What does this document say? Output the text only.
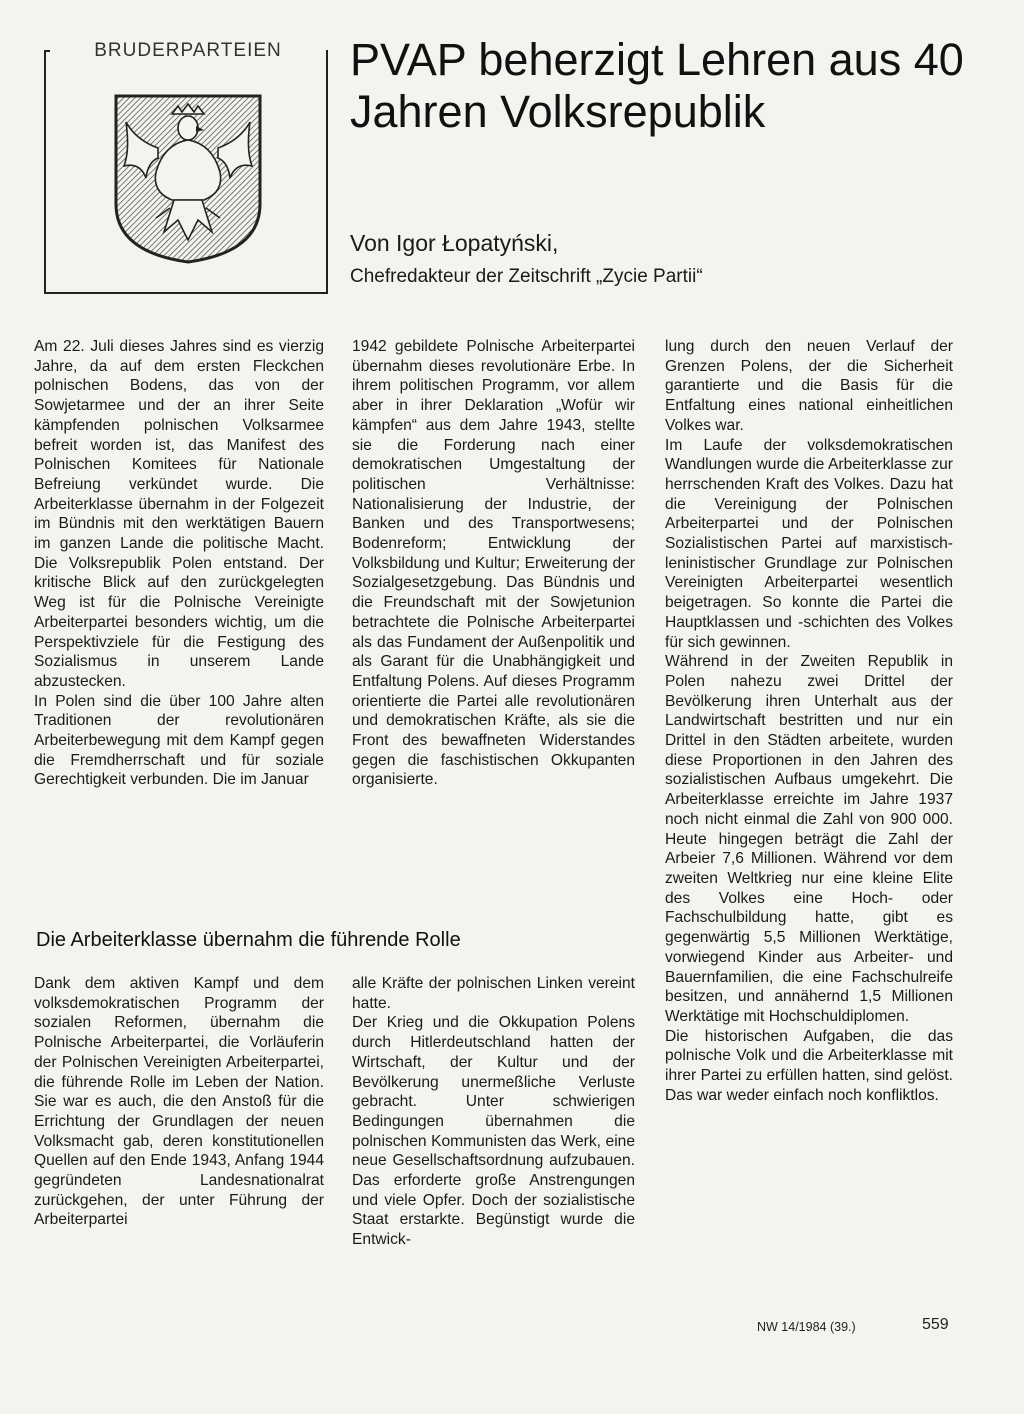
BRUDERPARTEIEN	PVAP beherzigt Lehren aus 40 Jahren Volksrepublik
Von Igor Łopatyński,
Chefredakteur der Zeitschrift „Zycie Partii“

Am 22. Juli dieses Jahres sind es vierzig Jahre, da auf dem ersten Fleckchen polnischen Bodens, das von der Sowjetarmee und der an ihrer Seite kämpfenden polnischen Volksarmee befreit worden ist, das Manifest des Polnischen Komitees für Nationale Befreiung verkündet wurde. Die Arbeiterklasse übernahm in der Folgezeit im Bündnis mit den werktätigen Bauern im ganzen Lande die politische Macht. Die Volksrepublik Polen entstand. Der kritische Blick auf den zurückgelegten Weg ist für die Polnische Vereinigte Arbeiterpartei besonders wichtig, um die Perspektivziele für die Festigung des Sozialismus in unserem Lande abzustecken.

In Polen sind die über 100 Jahre alten Traditionen der revolutionären Arbeiterbewegung mit dem Kampf gegen die Fremdherrschaft und für soziale Gerechtigkeit verbunden. Die im Januar

1942 gebildete Polnische Arbeiterpartei übernahm dieses revolutionäre Erbe. In ihrem politischen Programm, vor allem aber in ihrer Deklaration „Wofür wir kämpfen“ aus dem Jahre 1943, stellte sie die Forderung nach einer demokratischen Umgestaltung der politischen Verhältnisse: Nationalisierung der Industrie, der Banken und des Transportwesens; Bodenreform; Entwicklung der Volksbildung und Kultur; Erweiterung der Sozialgesetzgebung. Das Bündnis und die Freundschaft mit der Sowjetunion betrachtete die Polnische Arbeiterpartei als das Fundament der Außenpolitik und als Garant für die Unabhängigkeit und Entfaltung Polens. Auf dieses Programm orientierte die Partei alle revolutionären und demokratischen Kräfte, als sie die Front des bewaffneten Widerstandes gegen die faschistischen Okkupanten organisierte.

lung durch den neuen Verlauf der Grenzen Polens, der die Sicherheit garantierte und die Basis für die Entfaltung eines national einheitlichen Volkes war.

Im Laufe der volksdemokratischen Wandlungen wurde die Arbeiterklasse zur herrschenden Kraft des Volkes. Dazu hat die Vereinigung der Polnischen Arbeiterpartei und der Polnischen Sozialistischen Partei auf marxistisch-leninistischer Grundlage zur Polnischen Vereinigten Arbeiterpartei wesentlich beigetragen. So konnte die Partei die Hauptklassen und -schichten des Volkes für sich gewinnen.

Während in der Zweiten Republik in Polen nahezu zwei Drittel der Bevölkerung ihren Unterhalt aus der Landwirtschaft bestritten und nur ein Drittel in den Städten arbeitete, wurden diese Proportionen in den Jahren des sozialistischen Aufbaus umgekehrt. Die Arbeiterklasse erreichte im Jahre 1937 noch nicht einmal die Zahl von 900 000. Heute hingegen beträgt die Zahl der Arbeier 7,6 Millionen. Während vor dem zweiten Weltkrieg nur eine kleine Elite des Volkes eine Hoch- oder Fachschulbildung hatte, gibt es gegenwärtig 5,5 Millionen Werktätige, vorwiegend Kinder aus Arbeiter- und Bauernfamilien, die eine Fachschulreife besitzen, und annähernd 1,5 Millionen Werktätige mit Hochschuldiplomen.

Die historischen Aufgaben, die das polnische Volk und die Arbeiterklasse mit ihrer Partei zu erfüllen hatten, sind gelöst. Das war weder einfach noch konfliktlos.

Die Arbeiterklasse übernahm die führende Rolle

Dank dem aktiven Kampf und dem volksdemokratischen Programm der sozialen Reformen, übernahm die Polnische Arbeiterpartei, die Vorläuferin der Polnischen Vereinigten Arbeiterpartei, die führende Rolle im Leben der Nation. Sie war es auch, die den Anstoß für die Errichtung der Grundlagen der neuen Volksmacht gab, deren konstitutionellen Quellen auf den Ende 1943, Anfang 1944 gegründeten Landesnationalrat zurückgehen, der unter Führung der Arbeiterpartei

alle Kräfte der polnischen Linken vereint hatte.

Der Krieg und die Okkupation Polens durch Hitlerdeutschland hatten der Wirtschaft, der Kultur und der Bevölkerung unermeßliche Verluste gebracht. Unter schwierigen Bedingungen übernahmen die polnischen Kommunisten das Werk, eine neue Gesellschaftsordnung aufzubauen. Das erforderte große Anstrengungen und viele Opfer. Doch der sozialistische Staat erstarkte. Begünstigt wurde die Entwick-

NW 14/1984 (39.)	559
